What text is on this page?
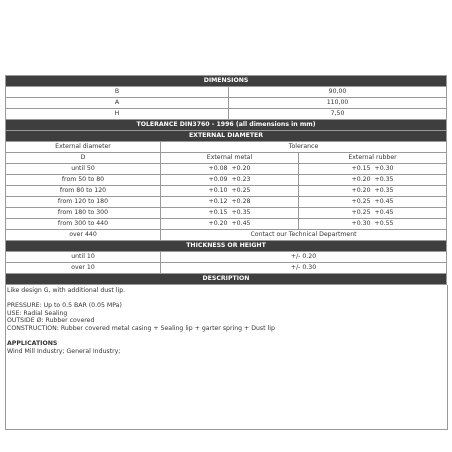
DIMENSIONS			
B		90,00	
A		110,00	
H		7,50	
TOLERANCE DIN3760 - 1996 (all dimensions in mm)			
EXTERNAL DIAMETER			
External diameter	Tolerance		
D	External metal		External rubber
until 50	+0.08 +0.20		+0.15 +0.30
from 50 to 80	+0.09 +0.23		+0.20 +0.35
from 80 to 120	+0.10 +0.25		+0.20 +0.35
from 120 to 180	+0.12 +0.28		+0.25 +0.45
from 180 to 300	+0.15 +0.35		+0.25 +0.45
from 300 to 440	+0.20 +0.45		+0.30 +0.55
over 440	Contact our Technical Department		
THICKNESS OR HEIGHT			
until 10	+/- 0.20		
over 10	+/- 0.30		
DESCRIPTION			
Like design G, with additional dust lip.
PRESSURE: Up to 0.5 BAR (0.05 MPa)
USE: Radial Sealing
OUTSIDE Ø: Rubber covered
CONSTRUCTION: Rubber covered metal casing + Sealing lip + garter spring + Dust lip
APPLICATIONS
Wind Mill Industry; General Industry;
